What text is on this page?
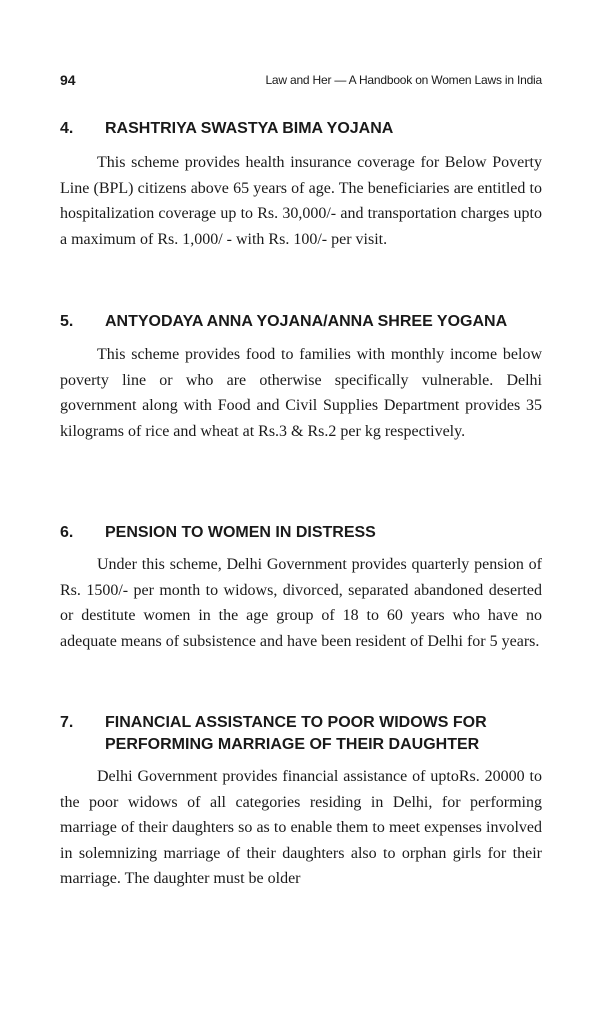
94	Law and Her — A Handbook on Women Laws in India
4.	RASHTRIYA SWASTYA BIMA YOJANA

This scheme provides health insurance coverage for Below Poverty Line (BPL) citizens above 65 years of age. The beneficiaries are entitled to hospitalization coverage up to Rs. 30,000/- and transportation charges upto a maximum of Rs. 1,000/ - with Rs. 100/- per visit.

5.	ANTYODAYA ANNA YOJANA/ANNA SHREE YOGANA

This scheme provides food to families with monthly income below poverty line or who are otherwise specifically vulnerable. Delhi government along with Food and Civil Supplies Department provides 35 kilograms of rice and wheat at Rs.3 & Rs.2 per kg respectively.

6.	PENSION TO WOMEN IN DISTRESS

Under this scheme, Delhi Government provides quarterly pension of Rs. 1500/- per month to widows, divorced, separated abandoned deserted or destitute women in the age group of 18 to 60 years who have no adequate means of subsistence and have been resident of Delhi for 5 years.

7.	FINANCIAL ASSISTANCE TO POOR WIDOWS FOR PERFORMING MARRIAGE OF THEIR DAUGHTER

Delhi Government provides financial assistance of uptoRs. 20000 to the poor widows of all categories residing in Delhi, for performing marriage of their daughters so as to enable them to meet expenses involved in solemnizing marriage of their daughters also to orphan girls for their marriage. The daughter must be older
